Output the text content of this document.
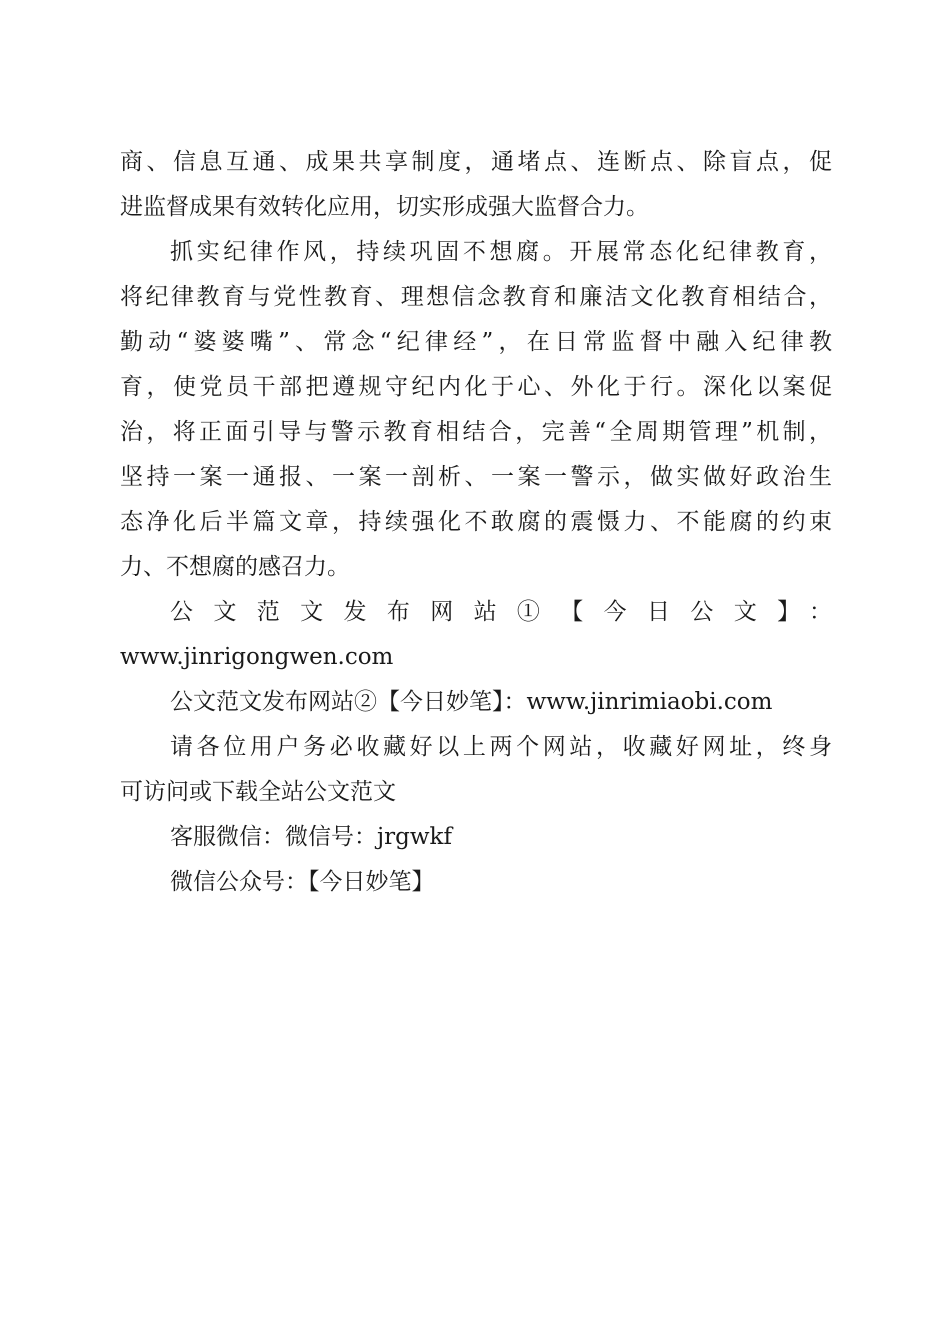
商、信息互通、成果共享制度，通堵点、连断点、除盲点，促
进监督成果有效转化应用，切实形成强大监督合力。
抓实纪律作风，持续巩固不想腐。开展常态化纪律教育，
将纪律教育与党性教育、理想信念教育和廉洁文化教育相结合，
勤动“婆婆嘴”、常念“纪律经”，在日常监督中融入纪律教
育，使党员干部把遵规守纪内化于心、外化于行。深化以案促
治，将正面引导与警示教育相结合，完善“全周期管理”机制，
坚持一案一通报、一案一剖析、一案一警示，做实做好政治生
态净化后半篇文章，持续强化不敢腐的震慑力、不能腐的约束
力、不想腐的感召力。
公文范文发布网站①【今日公文】：
www.jinrigongwen.com
公文范文发布网站②【今日妙笔】：www.jinrimiaobi.com
请各位用户务必收藏好以上两个网站，收藏好网址，终身
可访问或下载全站公文范文
客服微信：微信号：jrgwkf
微信公众号：【今日妙笔】
